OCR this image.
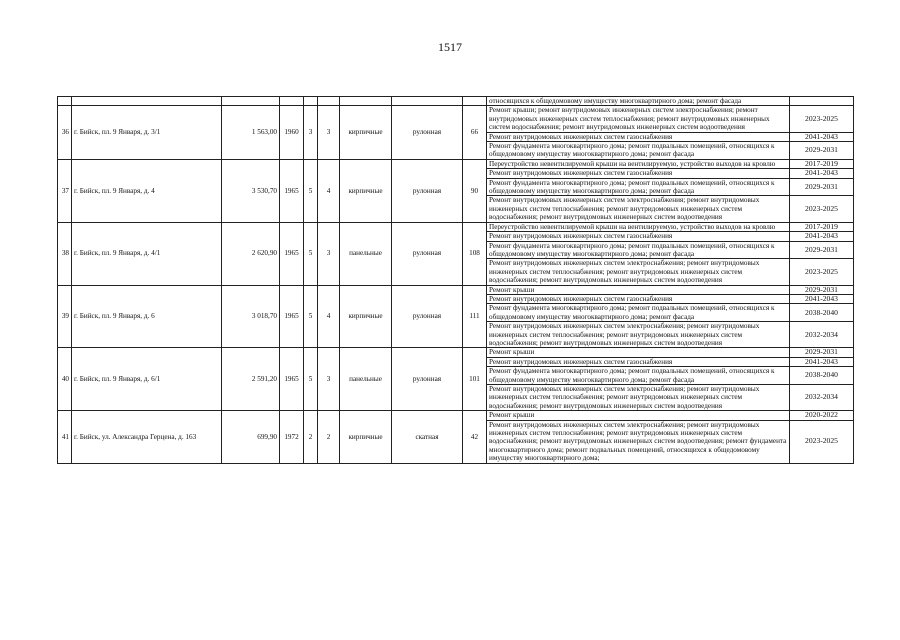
1517
									относящихся к общедомовому имуществу многоквартирного дома; ремонт фасада	
36	г. Бийск, пл. 9 Января, д. 3/1	1 563,00	1960	3	3	кирпичные	рулонная	66	Ремонт крыши; ремонт внутридомовых инженерных систем электроснабжения; ремонт внутридомовых инженерных систем теплоснабжения; ремонт внутридомовых инженерных систем водоснабжения; ремонт внутридомовых инженерных систем водоотведения	2023-2025
									Ремонт внутридомовых инженерных систем газоснабжения	2041-2043
									Ремонт фундамента многоквартирного дома; ремонт подвальных помещений, относящихся к общедомовому имуществу многоквартирного дома; ремонт фасада	2029-2031
37	г. Бийск, пл. 9 Января, д. 4	3 530,70	1965	5	4	кирпичные	рулонная	90	Переустройство невентилируемой крыши на вентилируемую, устройство выходов на кровлю	2017-2019
									Ремонт внутридомовых инженерных систем газоснабжения	2041-2043
									Ремонт фундамента многоквартирного дома; ремонт подвальных помещений, относящихся к общедомовому имуществу многоквартирного дома; ремонт фасада	2029-2031
									Ремонт внутридомовых инженерных систем электроснабжения; ремонт внутридомовых инженерных систем теплоснабжения; ремонт внутридомовых инженерных систем водоснабжения; ремонт внутридомовых инженерных систем водоотведения	2023-2025
38	г. Бийск, пл. 9 Января, д. 4/1	2 620,90	1965	5	3	панельные	рулонная	108	Переустройство невентилируемой крыши на вентилируемую, устройство выходов на кровлю	2017-2019
									Ремонт внутридомовых инженерных систем газоснабжения	2041-2043
									Ремонт фундамента многоквартирного дома; ремонт подвальных помещений, относящихся к общедомовому имуществу многоквартирного дома; ремонт фасада	2029-2031
									Ремонт внутридомовых инженерных систем электроснабжения; ремонт внутридомовых инженерных систем теплоснабжения; ремонт внутридомовых инженерных систем водоснабжения; ремонт внутридомовых инженерных систем водоотведения	2023-2025
39	г. Бийск, пл. 9 Января, д. 6	3 018,70	1965	5	4	кирпичные	рулонная	111	Ремонт крыши	2029-2031
									Ремонт внутридомовых инженерных систем газоснабжения	2041-2043
									Ремонт фундамента многоквартирного дома; ремонт подвальных помещений, относящихся к общедомовому имуществу многоквартирного дома; ремонт фасада	2038-2040
									Ремонт внутридомовых инженерных систем электроснабжения; ремонт внутридомовых инженерных систем теплоснабжения; ремонт внутридомовых инженерных систем водоснабжения; ремонт внутридомовых инженерных систем водоотведения	2032-2034
40	г. Бийск, пл. 9 Января, д. 6/1	2 591,20	1965	5	3	панельные	рулонная	101	Ремонт крыши	2029-2031
									Ремонт внутридомовых инженерных систем газоснабжения	2041-2043
									Ремонт фундамента многоквартирного дома; ремонт подвальных помещений, относящихся к общедомовому имуществу многоквартирного дома; ремонт фасада	2038-2040
									Ремонт внутридомовых инженерных систем электроснабжения; ремонт внутридомовых инженерных систем теплоснабжения; ремонт внутридомовых инженерных систем водоснабжения; ремонт внутридомовых инженерных систем водоотведения	2032-2034
41	г. Бийск, ул. Александра Герцена, д. 163	699,90	1972	2	2	кирпичные	скатная	42	Ремонт крыши	2020-2022
									Ремонт внутридомовых инженерных систем электроснабжения; ремонт внутридомовых инженерных систем теплоснабжения; ремонт внутридомовых инженерных систем водоснабжения; ремонт внутридомовых инженерных систем водоотведения; ремонт фундамента многоквартирного дома; ремонт подвальных помещений, относящихся к общедомовому имуществу многоквартирного дома;	2023-2025
